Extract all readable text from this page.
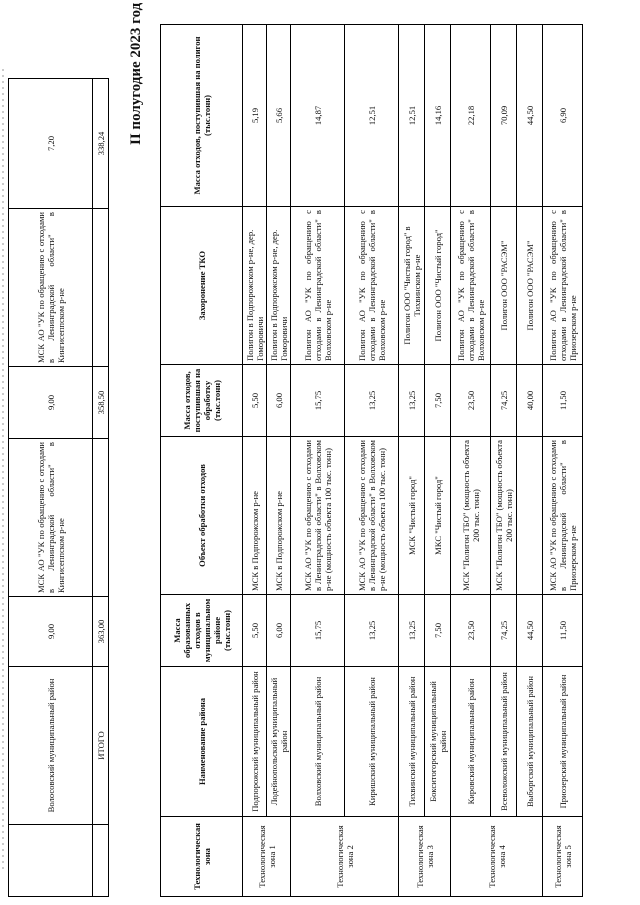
	Волосовский муниципальный район	9,00	МСК АО "УК по обращению с отходами в Ленинградской области" в Кингисеппском р-не	9,00	МСК АО "УК по обращению с отходами в Ленинградской области" в Кингисеппском р-не	7,20
	ИТОГО	363,00		358,50		338,24 II полугодие 2023 год
Технологическая зона	Наименование района	Масса образованных отходов в муниципальном районе (тыс.тонн)	Объект обработки отходов	Масса отходов, поступившая на обработку (тыс.тонн)	Захоронение ТКО	Масса отходов, поступившая на полигон (тыс.тонн)
Технологическая зона 1	Подпорожский муниципальный район	5,50	МСК в Подпорожском р-не	5,50	Полигон в Подпорожском р-не, дер. Гоморовичи	5,19
	Лодейнопольский муниципальный район	6,00	МСК в Подпорожском р-не	6,00	Полигон в Подпорожском р-не, дер. Гоморовичи	5,66
Технологическая зона 2	Волховский муниципальный район	15,75	МСК АО "УК по обращению с отходами в Ленинградской области" в Волховском р-не (мощность объекта 100 тыс. тонн)	15,75	Полигон АО "УК по обращению с отходами в Ленинградской области" в Волховском р-не	14,87
	Киришский муниципальный район	13,25	МСК АО "УК по обращению с отходами в Ленинградской области" в Волховском р-не (мощность объекта 100 тыс. тонн)	13,25	Полигон АО "УК по обращению с отходами в Ленинградской области" в Волховском р-не	12,51
Технологическая зона 3	Тихвинский муниципальный район	13,25	МСК "Чистый город"	13,25	Полигон ООО "Чистый город" в Тихвинском р-не	12,51
	Бокситогорский муниципальный район	7,50	МКС "Чистый город"	7,50	Полигон ООО "Чистый город"	14,16
Технологическая зона 4	Кировский муниципальный район	23,50	МСК "Полигон ТБО" (мощность объекта 200 тыс. тонн)	23,50	Полигон АО "УК по обращению с отходами в Ленинградской области" в Волховском р-не	22,18
	Всеволожский муниципальный район	74,25	МСК "Полигон ТБО" (мощность объекта 200 тыс. тонн)	74,25	Полигон ООО "РАСЭМ"	70,09
	Выборгский муниципальный район	44,50		40,00	Полигон ООО "РАСЭМ"	44,50
Технологическая зона 5	Приозерский муниципальный район	11,50	МСК АО "УК по обращению с отходами в Ленинградской области" в Приозерском р-не	11,50	Полигон АО "УК по обращению с отходами в Ленинградской области" в Приозерском р-не	6,90
